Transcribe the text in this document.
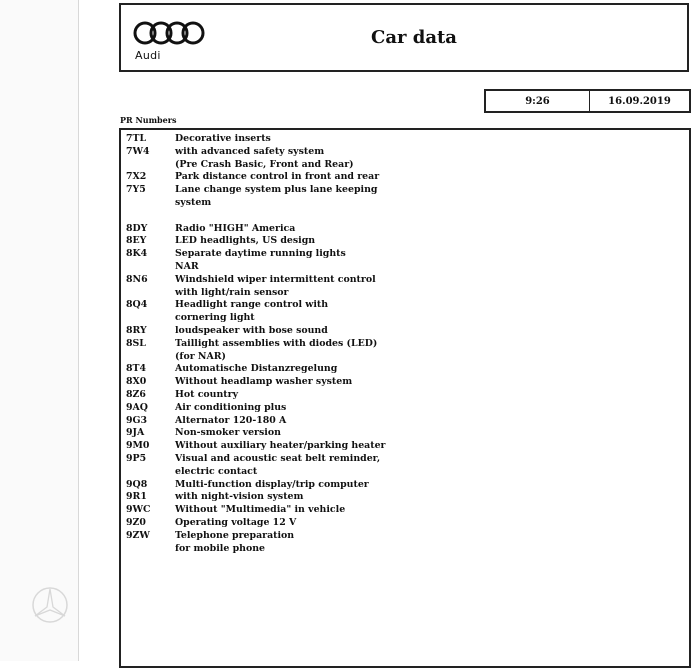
Audi
Car data
9:26	16.09.2019
PR Numbers
7TL	Decorative inserts
7W4	with advanced safety system
(Pre Crash Basic, Front and Rear)
7X2	Park distance control in front and rear
7Y5	Lane change system plus lane keeping
system
8DY	Radio "HIGH" America
8EY	LED headlights, US design
8K4	Separate daytime running lights
NAR
8N6	Windshield wiper intermittent control
with light/rain sensor
8Q4	Headlight range control with
cornering light
8RY	loudspeaker with bose sound
8SL	Taillight assemblies with diodes (LED)
(for NAR)
8T4	Automatische Distanzregelung
8X0	Without headlamp washer system
8Z6	Hot country
9AQ	Air conditioning plus
9G3	Alternator 120-180 A
9JA	Non-smoker version
9M0	Without auxiliary heater/parking heater
9P5	Visual and acoustic seat belt reminder,
electric contact
9Q8	Multi-function display/trip computer
9R1	with night-vision system
9WC	Without "Multimedia" in vehicle
9Z0	Operating voltage 12 V
9ZW	Telephone preparation
for mobile phone
